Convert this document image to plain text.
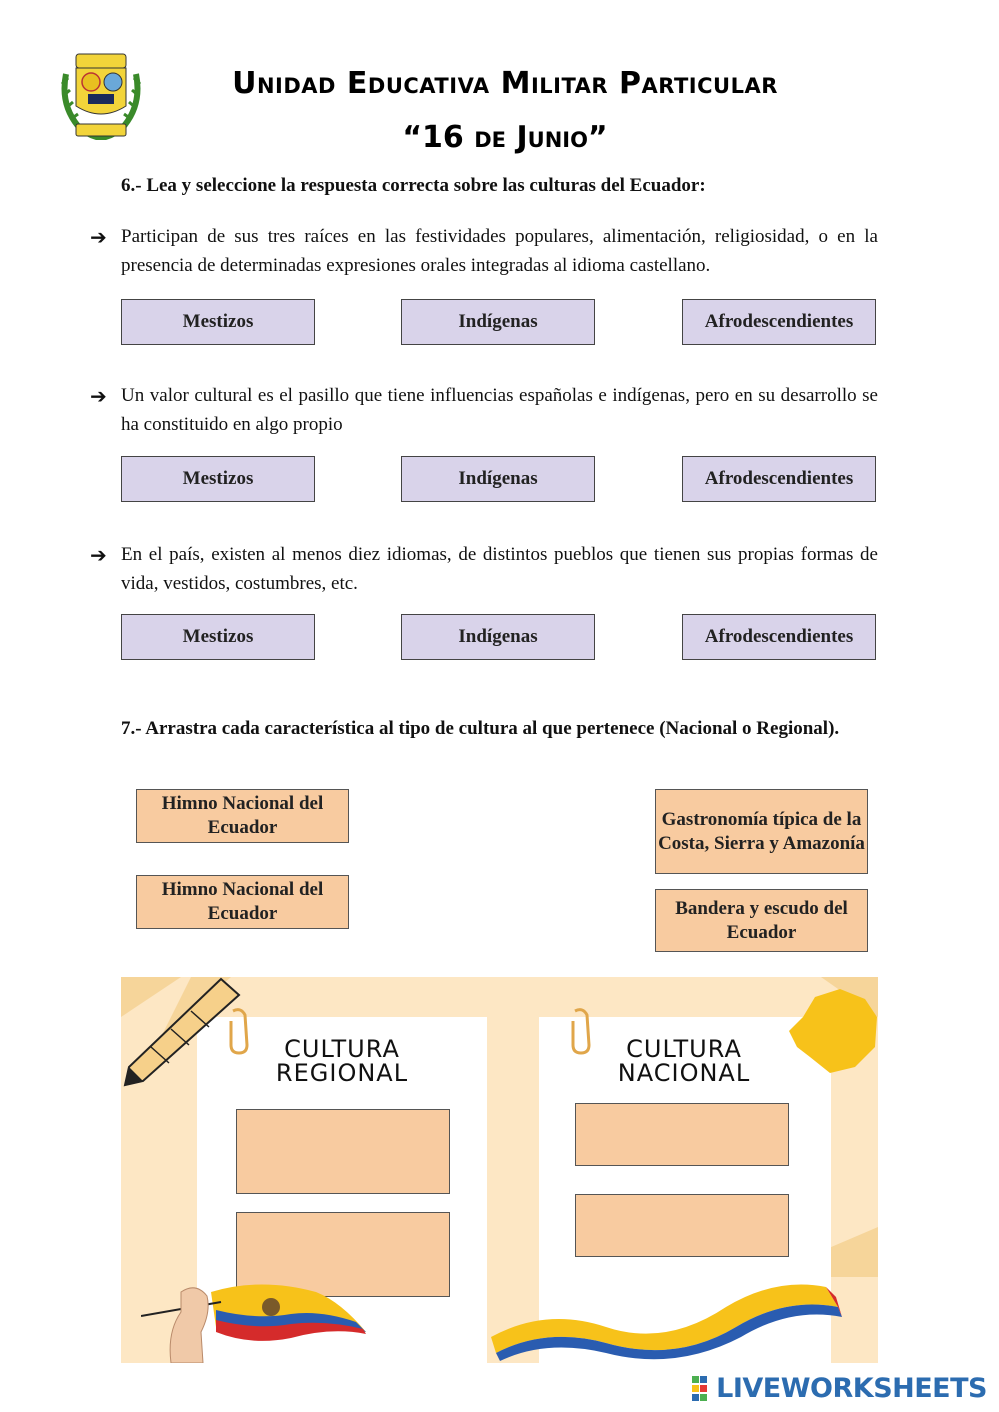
Unidad Educativa Militar Particular
“16 de Junio”
6.- Lea y seleccione la respuesta correcta sobre las culturas del Ecuador:
➔ Participan de sus tres raíces en las festividades populares, alimentación, religiosidad, o en la presencia de determinadas expresiones orales integradas al idioma castellano.
Mestizos	Indígenas	Afrodescendientes
➔ Un valor cultural es el pasillo que tiene influencias españolas e indígenas, pero en su desarrollo se ha constituido en algo propio
Mestizos	Indígenas	Afrodescendientes
➔ En el país, existen al menos diez idiomas, de distintos pueblos que tienen sus propias formas de vida, vestidos, costumbres, etc.
Mestizos	Indígenas	Afrodescendientes
7.- Arrastra cada característica al tipo de cultura al que pertenece (Nacional o Regional).
Himno Nacional del Ecuador
Himno Nacional del Ecuador
Gastronomía típica de la Costa, Sierra y Amazonía
Bandera y escudo del Ecuador
CULTURA
REGIONAL
CULTURA
NACIONAL
LIVEWORKSHEETS
